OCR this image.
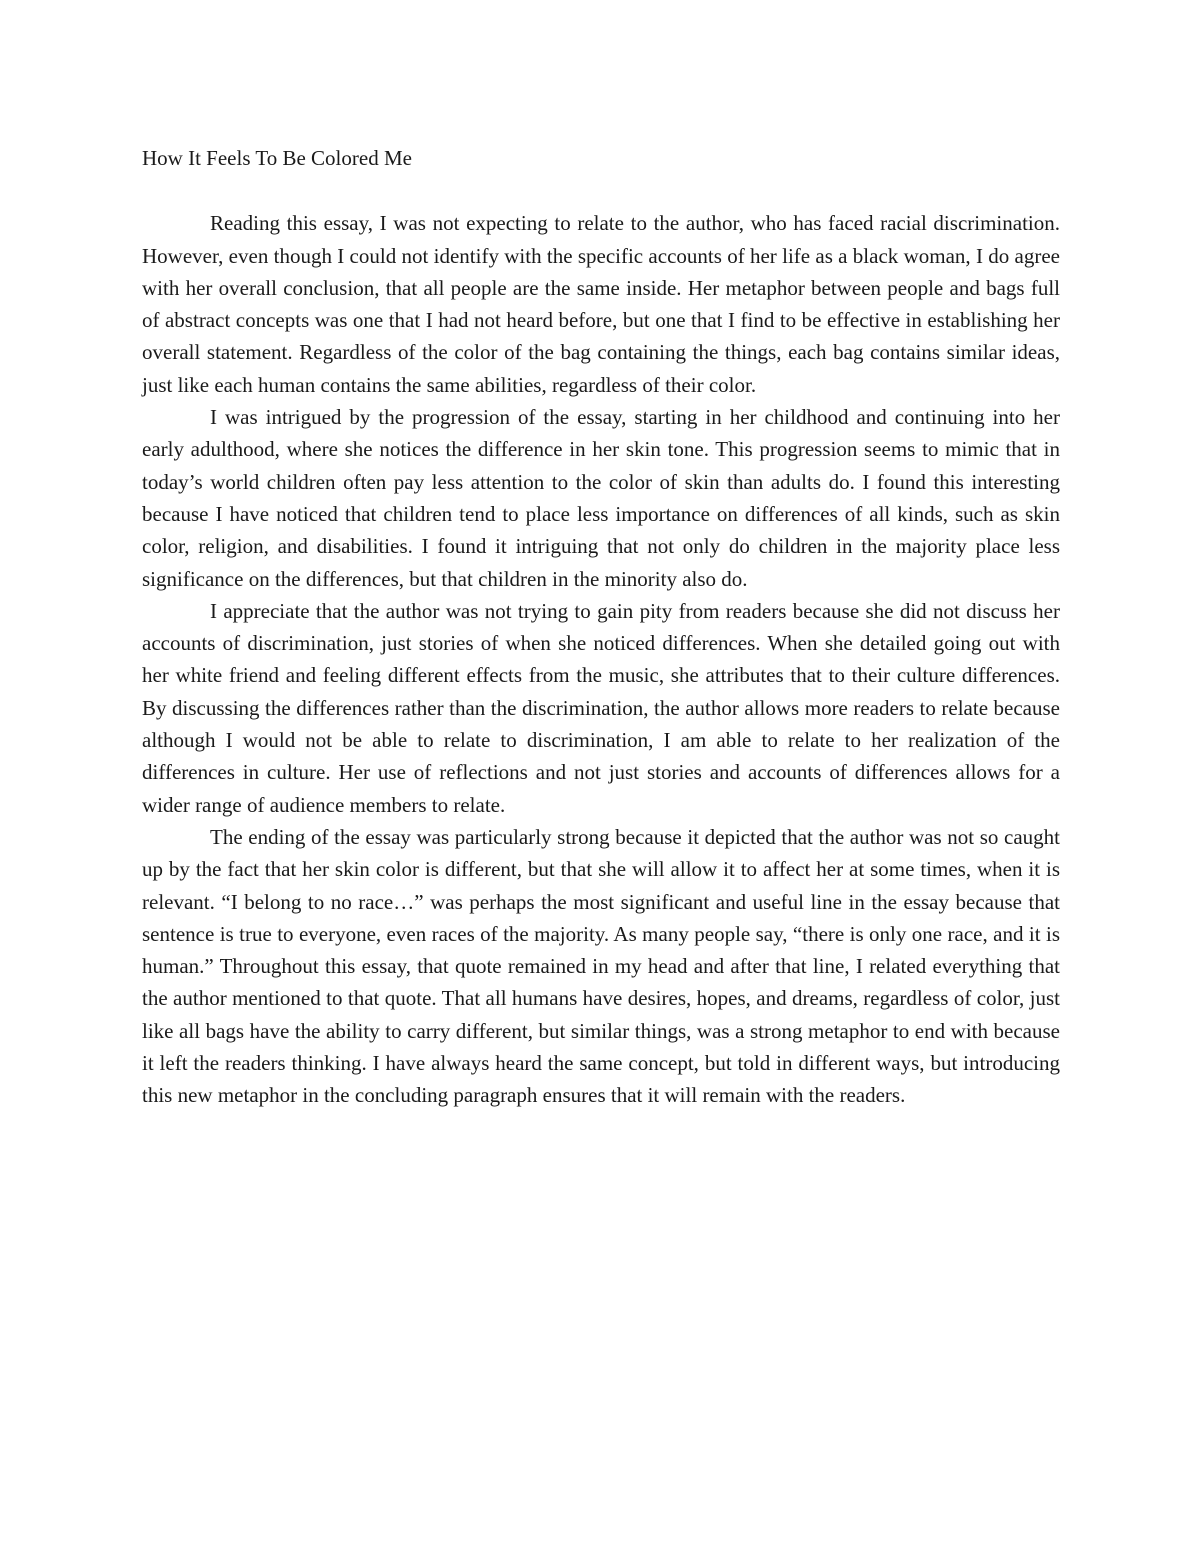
How It Feels To Be Colored Me

Reading this essay, I was not expecting to relate to the author, who has faced racial discrimination. However, even though I could not identify with the specific accounts of her life as a black woman, I do agree with her overall conclusion, that all people are the same inside. Her metaphor between people and bags full of abstract concepts was one that I had not heard before, but one that I find to be effective in establishing her overall statement. Regardless of the color of the bag containing the things, each bag contains similar ideas, just like each human contains the same abilities, regardless of their color.

I was intrigued by the progression of the essay, starting in her childhood and continuing into her early adulthood, where she notices the difference in her skin tone. This progression seems to mimic that in today’s world children often pay less attention to the color of skin than adults do. I found this interesting because I have noticed that children tend to place less importance on differences of all kinds, such as skin color, religion, and disabilities. I found it intriguing that not only do children in the majority place less significance on the differences, but that children in the minority also do.

I appreciate that the author was not trying to gain pity from readers because she did not discuss her accounts of discrimination, just stories of when she noticed differences. When she detailed going out with her white friend and feeling different effects from the music, she attributes that to their culture differences. By discussing the differences rather than the discrimination, the author allows more readers to relate because although I would not be able to relate to discrimination, I am able to relate to her realization of the differences in culture. Her use of reflections and not just stories and accounts of differences allows for a wider range of audience members to relate.

The ending of the essay was particularly strong because it depicted that the author was not so caught up by the fact that her skin color is different, but that she will allow it to affect her at some times, when it is relevant. “I belong to no race…” was perhaps the most significant and useful line in the essay because that sentence is true to everyone, even races of the majority. As many people say, “there is only one race, and it is human.” Throughout this essay, that quote remained in my head and after that line, I related everything that the author mentioned to that quote. That all humans have desires, hopes, and dreams, regardless of color, just like all bags have the ability to carry different, but similar things, was a strong metaphor to end with because it left the readers thinking. I have always heard the same concept, but told in different ways, but introducing this new metaphor in the concluding paragraph ensures that it will remain with the readers.
